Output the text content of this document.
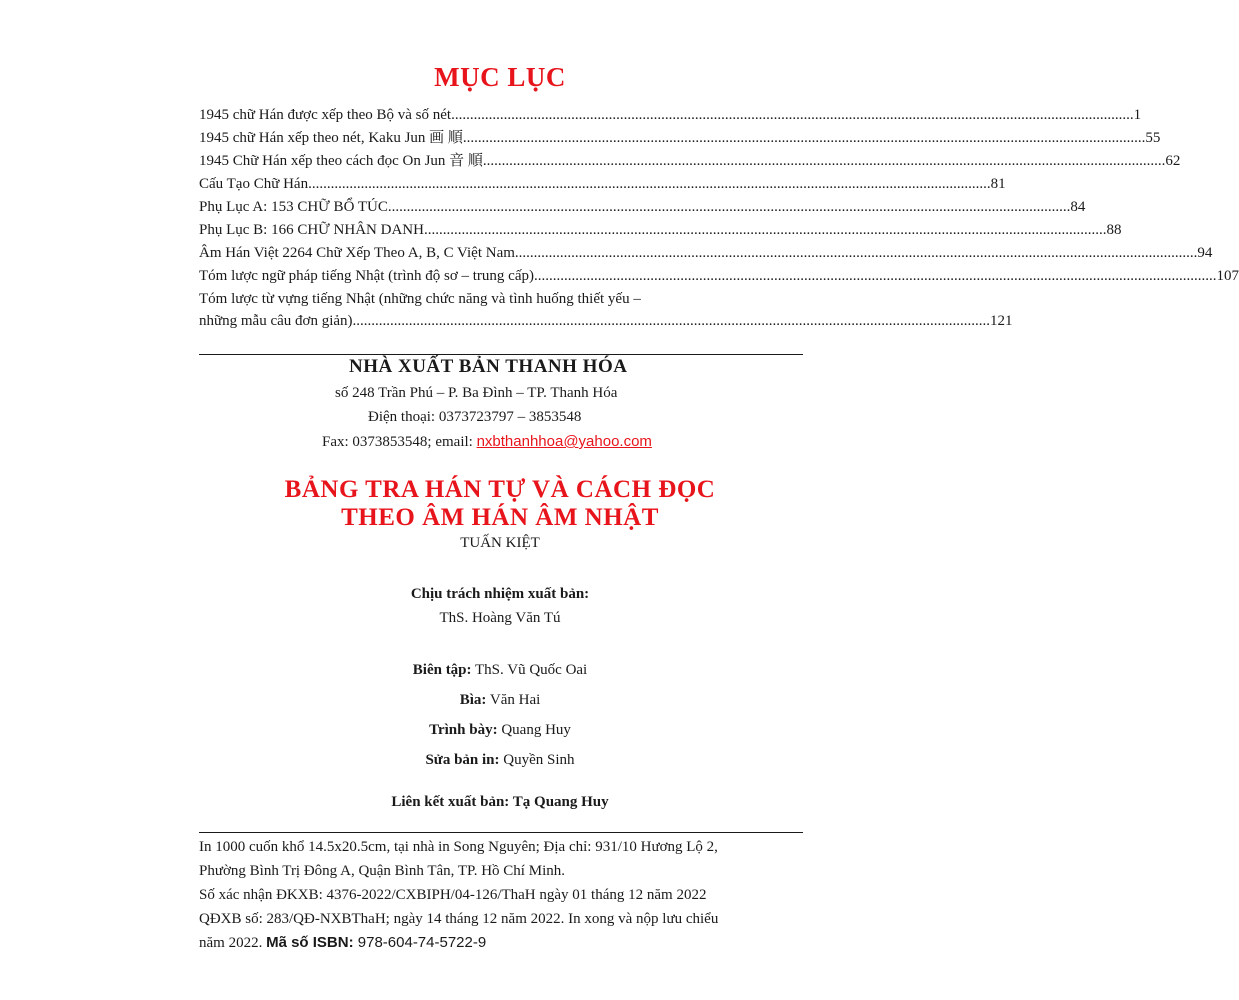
MỤC LỤC
1945 chữ Hán được xếp theo Bộ và số nét .....	1
1945 chữ Hán xếp theo nét, Kaku Jun 画 順 .....	55
1945 Chữ Hán xếp theo cách đọc On Jun 音 順 .....	62
Cấu Tạo Chữ Hán .....	81
Phụ Lục A: 153 CHỮ BỔ TÚC .....	84
Phụ Lục B: 166 CHỮ NHÂN DANH .....	88
Âm Hán Việt 2264 Chữ Xếp Theo A, B, C Việt Nam .....	94
Tóm lược ngữ pháp tiếng Nhật (trình độ sơ – trung cấp) .....	107
Tóm lược từ vựng tiếng Nhật (những chức năng và tình huống thiết yếu –
những mẫu câu đơn giản) .......................................................................................................................................................................... 121
NHÀ XUẤT BẢN THANH HÓA
số 248 Trần Phú – P. Ba Đình – TP. Thanh Hóa
Điện thoại: 0373723797 – 3853548
Fax: 0373853548; email: nxbthanhhoa@yahoo.com
BẢNG TRA HÁN TỰ VÀ CÁCH ĐỌC
THEO ÂM HÁN ÂM NHẬT
TUẤN KIỆT
Chịu trách nhiệm xuất bản:
ThS. Hoàng Văn Tú
Biên tập: ThS. Vũ Quốc Oai
Bìa: Văn Hai
Trình bày: Quang Huy
Sửa bản in: Quyền Sinh
Liên kết xuất bản: Tạ Quang Huy

In 1000 cuốn khổ 14.5x20.5cm, tại nhà in Song Nguyên; Địa chỉ: 931/10 Hương Lộ 2,

Phường Bình Trị Đông A, Quận Bình Tân, TP. Hồ Chí Minh.

Số xác nhận ĐKXB: 4376-2022/CXBIPH/04-126/ThaH ngày 01 tháng 12 năm 2022

QĐXB số: 283/QĐ-NXBThaH; ngày 14 tháng 12 năm 2022. In xong và nộp lưu chiểu

năm 2022. Mã số ISBN: 978-604-74-5722-9
